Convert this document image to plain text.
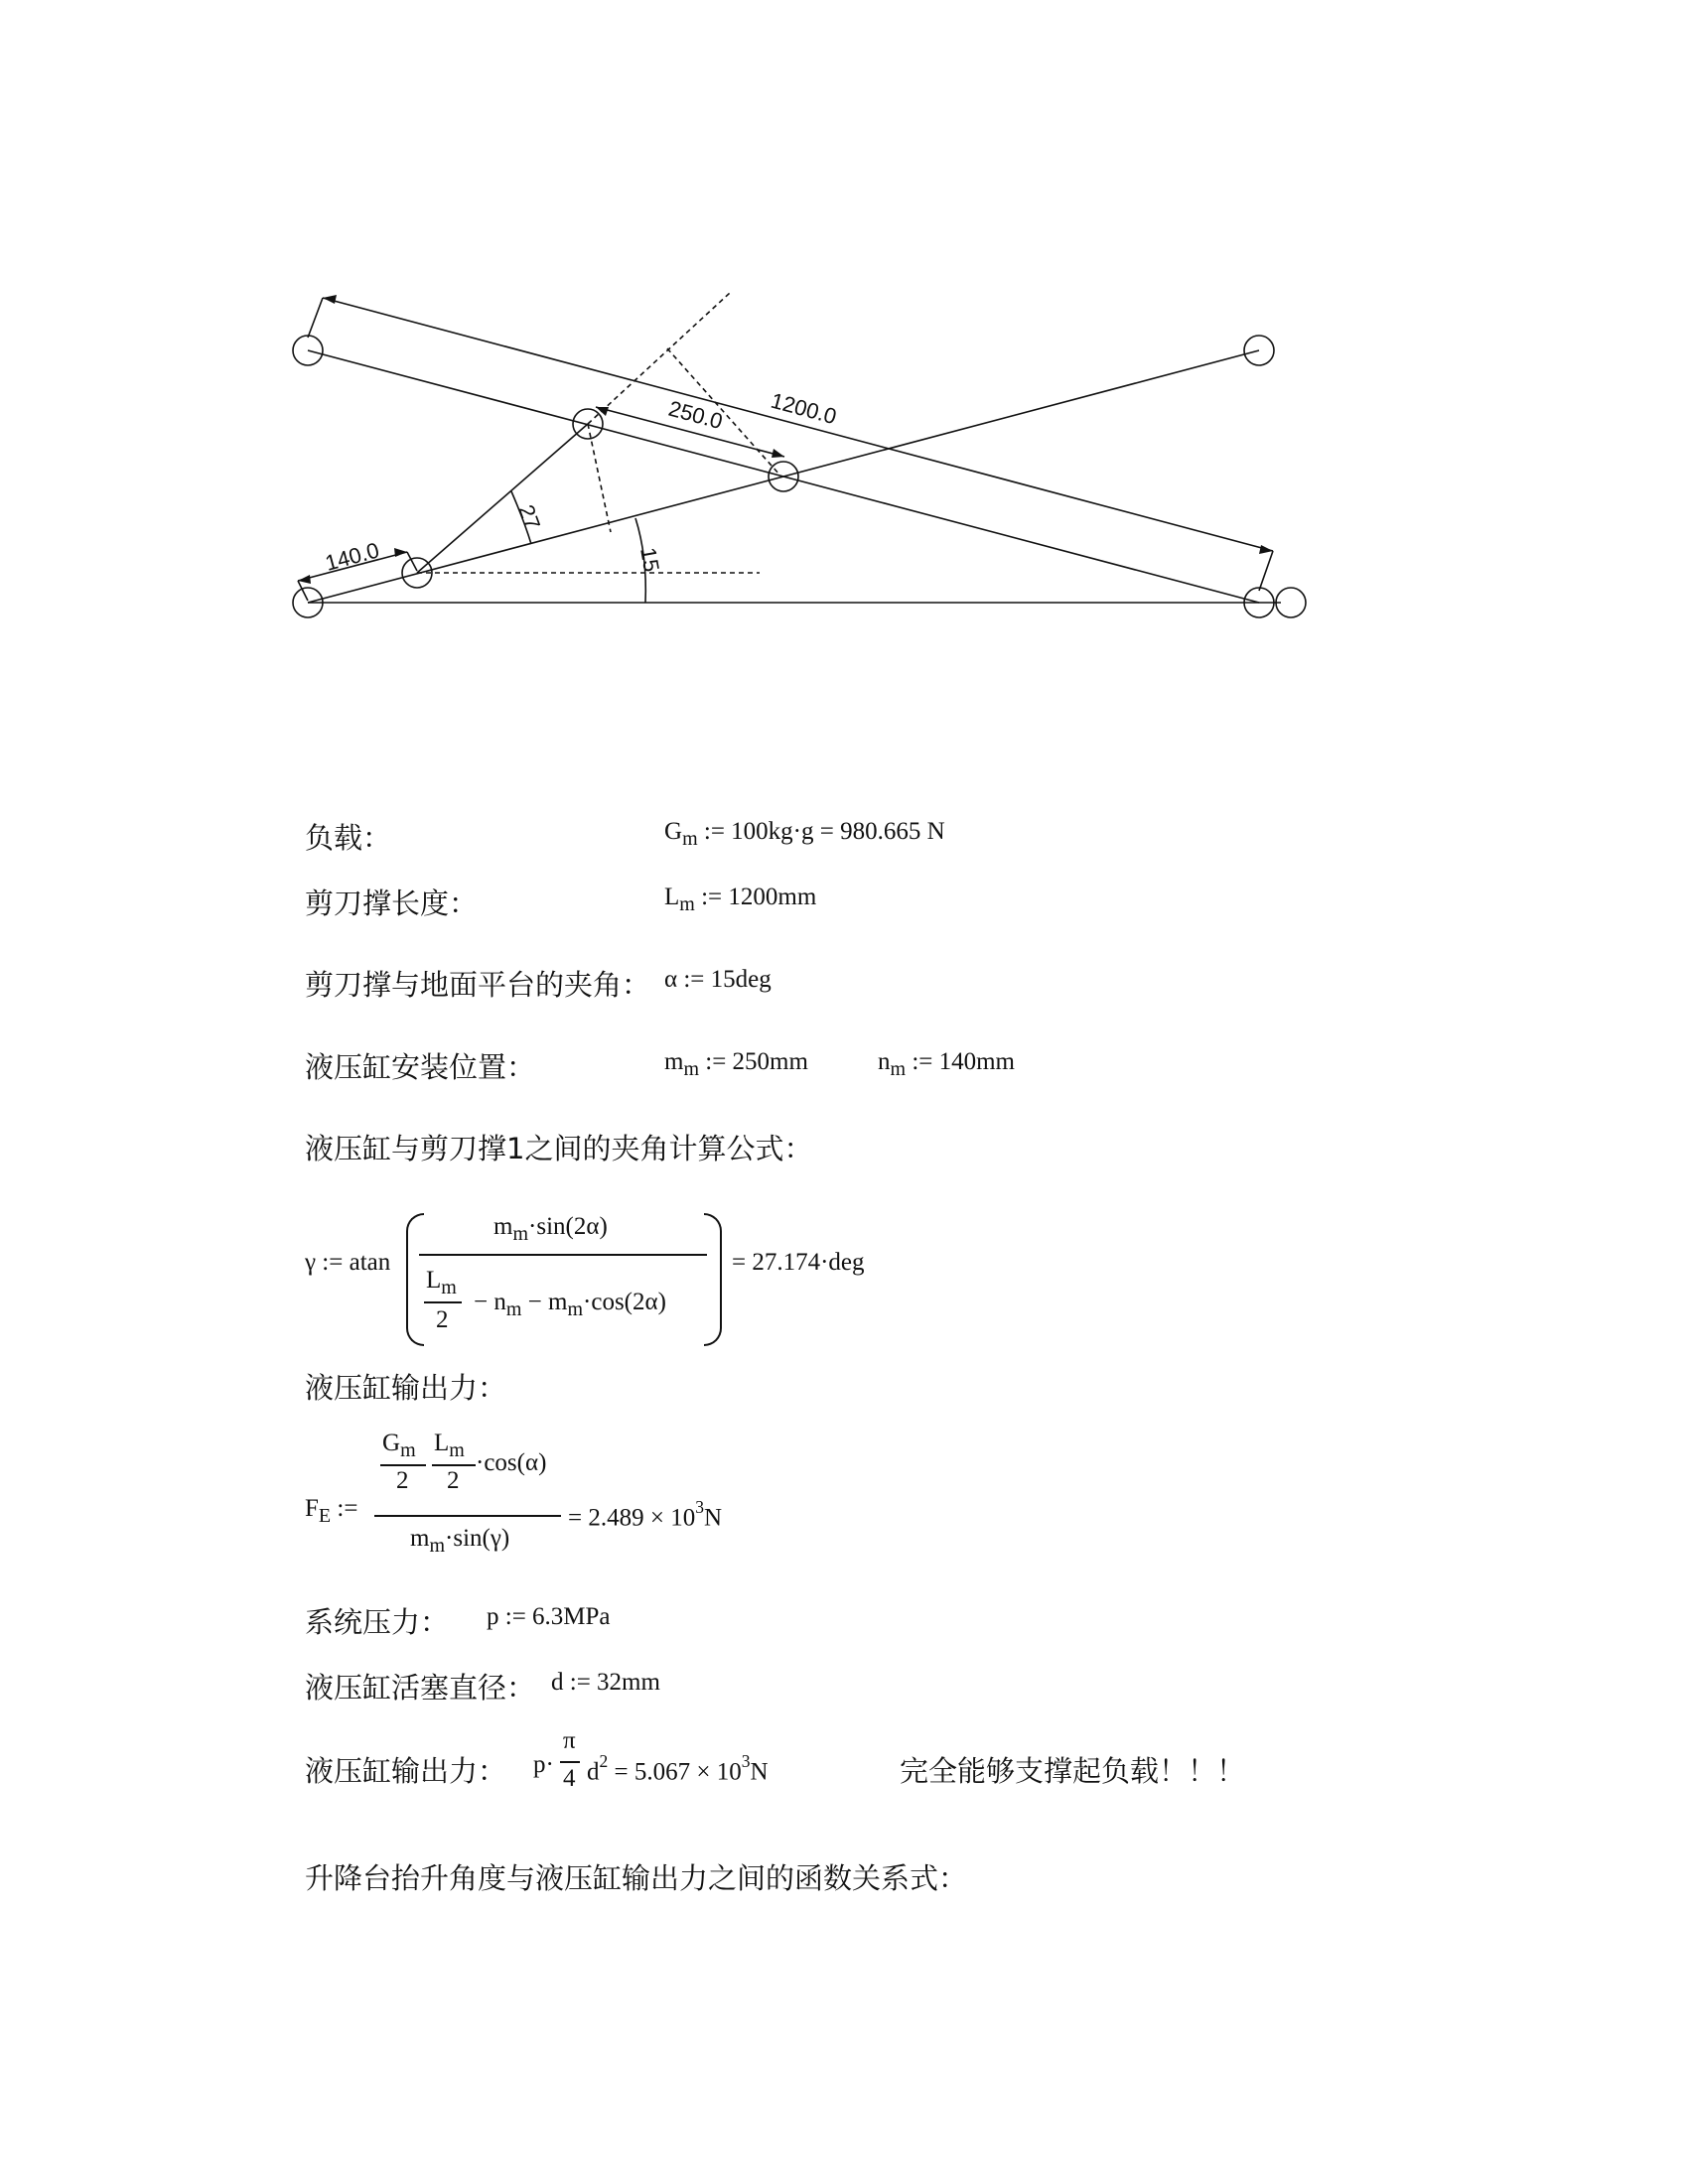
1200.0
250.0
140.0
27
15
负载：	$G_m$ := 100kg·g = 980.665 N
剪刀撑长度：	$L_m$ := 1200mm
剪刀撑与地面平台的夹角： α := 15deg
液压缸安装位置：	$m_m$ := 250mm	$n_m$ := 140mm
液压缸与剪刀撑1之间的夹角计算公式：
γ := atan
$m_m\cdot\sin(2\alpha)$
$L_m$
2
− $n_m - m_m\cdot\cos(2\alpha)$
= 27.174·deg
液压缸输出力：
$F_E$ :=
$G_m$
2
$L_m$
2
·cos(α)
$m_m\cdot\sin(\gamma)$
= $2.489 \times 10^3N$
系统压力： p := 6.3MPa
液压缸活塞直径： d := 32mm
液压缸输出力： p·
π
4 $d^2 = 5.067 \times 10^3N$	完全能够支撑起负载！！！
升降台抬升角度与液压缸输出力之间的函数关系式：
